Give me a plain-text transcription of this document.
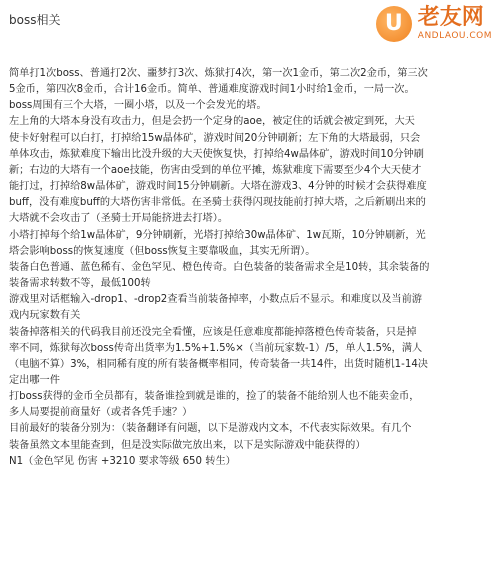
boss相关	U 老友网
ANDLAOU.COM

简单打1次boss、普通打2次、噩梦打3次、炼狱打4次，第一次1金币，第二次2金币，第三次

5金币，第四次8金币，合计16金币。简单、普通难度游戏时间1小时给1金币，一局一次。

boss周围有三个大塔，一圈小塔，以及一个会发光的塔。

左上角的大塔本身没有攻击力，但是会扔一个定身的aoe，被定住的话就会被定到死，大天

使卡好射程可以白打，打掉给15w晶体矿，游戏时间20分钟刷新；左下角的大塔最弱，只会

单体攻击，炼狱难度下输出比没升级的大天使恢复快，打掉给4w晶体矿，游戏时间10分钟刷

新；右边的大塔有一个aoe技能，伤害由受到的单位平摊，炼狱难度下需要至少4个大天使才

能打过，打掉给8w晶体矿，游戏时间15分钟刷新。大塔在游戏3、4分钟的时候才会获得难度

buff，没有难度buff的大塔伤害非常低。在圣骑士获得闪现技能前打掉大塔，之后新刷出来的

大塔就不会攻击了（圣骑士开局能挤进去打塔）。

小塔打掉每个给1w晶体矿，9分钟刷新，光塔打掉给30w晶体矿、1w瓦斯，10分钟刷新，光

塔会影响boss的恢复速度（但boss恢复主要靠吸血，其实无所谓）。

装备白色普通、蓝色稀有、金色罕见、橙色传奇。白色装备的装备需求全是10转，其余装备的

装备需求转数不等，最低100转

游戏里对话框输入-drop1、-drop2查看当前装备掉率，小数点后不显示。和难度以及当前游

戏内玩家数有关

装备掉落相关的代码我目前还没完全看懂，应该是任意难度都能掉落橙色传奇装备，只是掉

率不同，炼狱每次boss传奇出货率为1.5%+1.5%×（当前玩家数-1）/5，单人1.5%，满人

（电脑不算）3%，相同稀有度的所有装备概率相同，传奇装备一共14件，出货时随机1-14决

定出哪一件

打boss获得的金币全员都有，装备谁捡到就是谁的，捡了的装备不能给别人也不能卖金币，

多人局要提前商量好（或者各凭手速？）

目前最好的装备分别为：（装备翻译有问题，以下是游戏内文本，不代表实际效果。有几个

装备虽然文本里能查到，但是没实际做完放出来，以下是实际游戏中能获得的）

N1（金色罕见 伤害 +3210 要求等级 650 转生）
